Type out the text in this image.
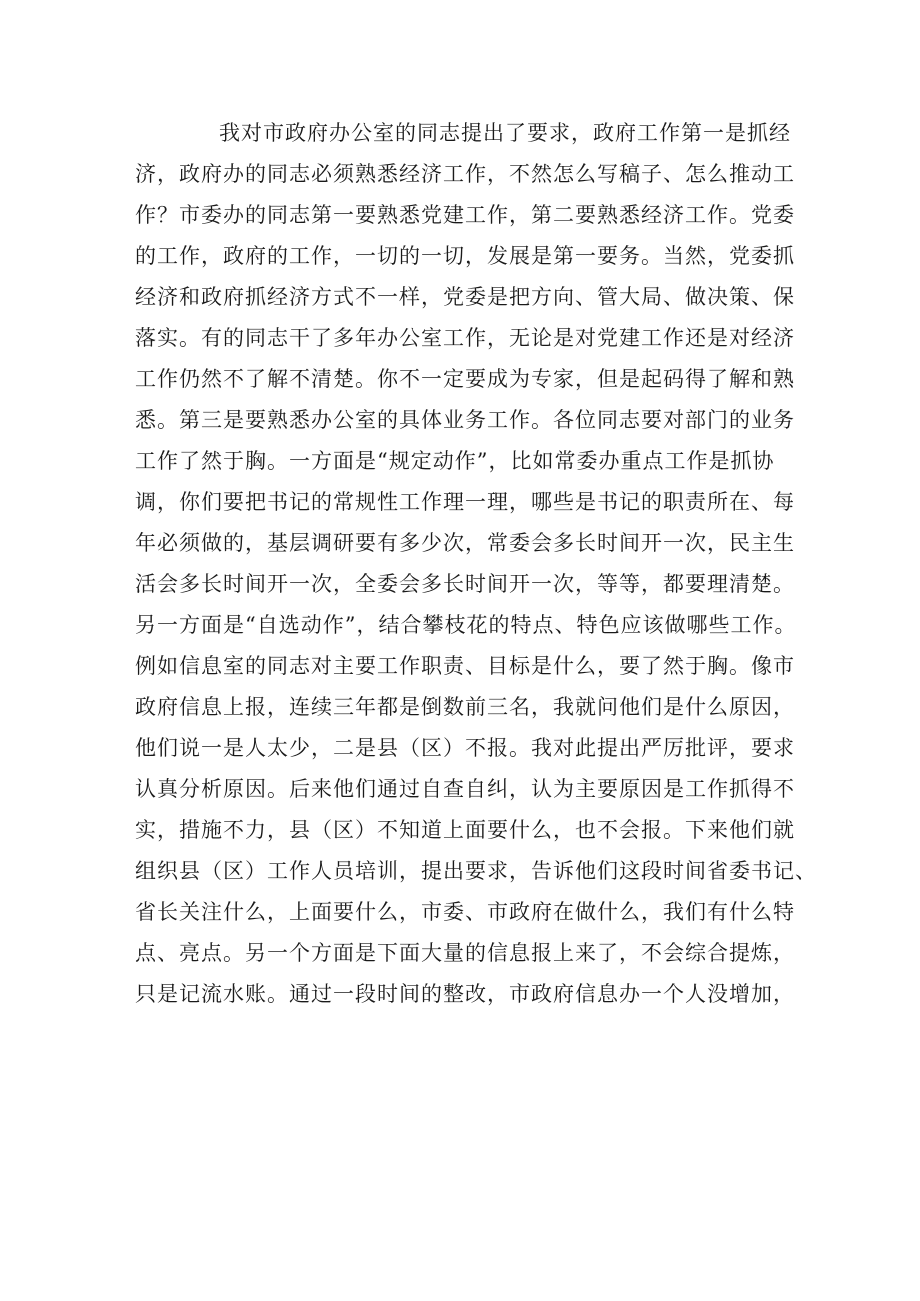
我对市政府办公室的同志提出了要求，政府工作第一是抓经
济，政府办的同志必须熟悉经济工作，不然怎么写稿子、怎么推动工
作？市委办的同志第一要熟悉党建工作，第二要熟悉经济工作。党委
的工作，政府的工作，一切的一切，发展是第一要务。当然，党委抓
经济和政府抓经济方式不一样，党委是把方向、管大局、做决策、保
落实。有的同志干了多年办公室工作，无论是对党建工作还是对经济
工作仍然不了解不清楚。你不一定要成为专家，但是起码得了解和熟
悉。第三是要熟悉办公室的具体业务工作。各位同志要对部门的业务
工作了然于胸。一方面是“规定动作”，比如常委办重点工作是抓协
调，你们要把书记的常规性工作理一理，哪些是书记的职责所在、每
年必须做的，基层调研要有多少次，常委会多长时间开一次，民主生
活会多长时间开一次，全委会多长时间开一次，等等，都要理清楚。
另一方面是“自选动作”，结合攀枝花的特点、特色应该做哪些工作。
例如信息室的同志对主要工作职责、目标是什么，要了然于胸。像市
政府信息上报，连续三年都是倒数前三名，我就问他们是什么原因，
他们说一是人太少，二是县（区）不报。我对此提出严厉批评，要求
认真分析原因。后来他们通过自查自纠，认为主要原因是工作抓得不
实，措施不力，县（区）不知道上面要什么，也不会报。下来他们就
组织县（区）工作人员培训，提出要求，告诉他们这段时间省委书记、
省长关注什么，上面要什么，市委、市政府在做什么，我们有什么特
点、亮点。另一个方面是下面大量的信息报上来了，不会综合提炼，
只是记流水账。通过一段时间的整改，市政府信息办一个人没增加，
